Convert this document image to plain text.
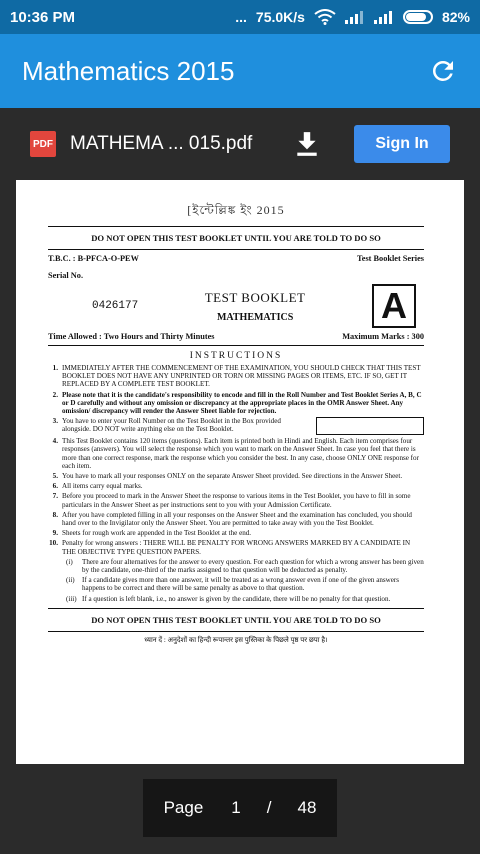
10:36 PM	... 75.0K/s	82%
Mathematics 2015
PDF MATHEMA ... 015.pdf	Sign In
[ইন্টেল্লিঙ্ক ইং 2015
DO NOT OPEN THIS TEST BOOKLET UNTIL YOU ARE TOLD TO DO SO
T.B.C. : B-PFCA-O-PEW	Test Booklet Series
Serial No.
0426177
TEST BOOKLET
MATHEMATICS	A
Time Allowed : Two Hours and Thirty Minutes	Maximum Marks : 300
INSTRUCTIONS
1. IMMEDIATELY AFTER THE COMMENCEMENT OF THE EXAMINATION, YOU SHOULD CHECK THAT THIS TEST BOOKLET DOES NOT HAVE ANY UNPRINTED OR TORN OR MISSING PAGES OR ITEMS, ETC. IF SO, GET IT REPLACED BY A COMPLETE TEST BOOKLET.
2. Please note that it is the candidate's responsibility to encode and fill in the Roll Number and Test Booklet Series A, B, C or D carefully and without any omission or discrepancy at the appropriate places in the OMR Answer Sheet. Any omission/ discrepancy will render the Answer Sheet liable for rejection.
3. You have to enter your Roll Number on the Test Booklet in the Box provided alongside. DO NOT write anything else on the Test Booklet.
4. This Test Booklet contains 120 items (questions). Each item is printed both in Hindi and English. Each item comprises four responses (answers). You will select the response which you want to mark on the Answer Sheet. In case you feel that there is more than one correct response, mark the response which you consider the best. In any case, choose ONLY ONE response for each item.
5. You have to mark all your responses ONLY on the separate Answer Sheet provided. See directions in the Answer Sheet.
6. All items carry equal marks.
7. Before you proceed to mark in the Answer Sheet the response to various items in the Test Booklet, you have to fill in some particulars in the Answer Sheet as per instructions sent to you with your Admission Certificate.
8. After you have completed filling in all your responses on the Answer Sheet and the examination has concluded, you should hand over to the Invigilator only the Answer Sheet. You are permitted to take away with you the Test Booklet.
9. Sheets for rough work are appended in the Test Booklet at the end.
10. Penalty for wrong answers : THERE WILL BE PENALTY FOR WRONG ANSWERS MARKED BY A CANDIDATE IN THE OBJECTIVE TYPE QUESTION PAPERS.
(i)	There are four alternatives for the answer to every question. For each question for which a wrong answer has been given by the candidate, one-third of the marks assigned to that question will be deducted as penalty.
(ii)	If a candidate gives more than one answer, it will be treated as a wrong answer even if one of the given answers happens to be correct and there will be same penalty as above to that question.
(iii) If a question is left blank, i.e., no answer is given by the candidate, there will be no penalty for that question.
DO NOT OPEN THIS TEST BOOKLET UNTIL YOU ARE TOLD TO DO SO
ध्यान दें : अनुदेशों का हिन्दी रूपान्तर इस पुस्तिका के पिछले पृष्ठ पर छपा है।
Page 1 / 48
